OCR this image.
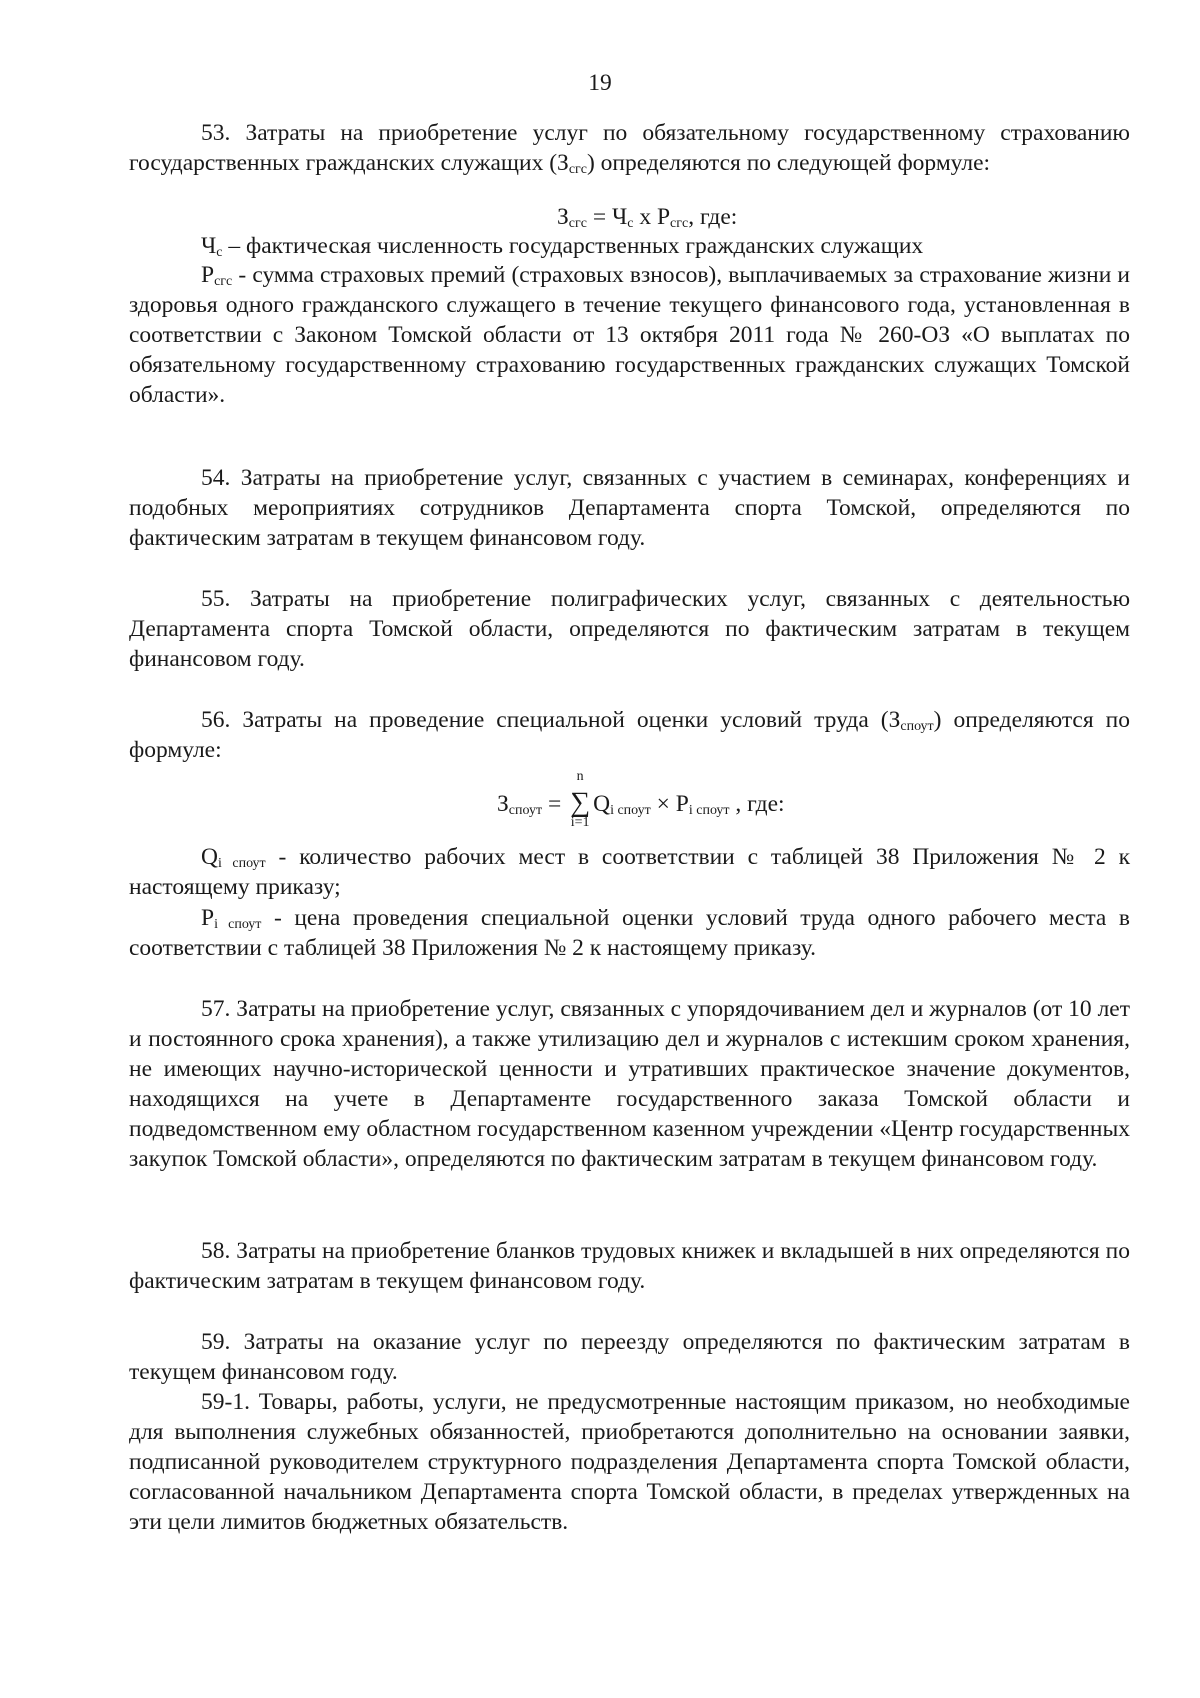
19
53. Затраты на приобретение услуг по обязательному государственному страхованию государственных гражданских служащих $(З_{сгс})$ определяются по следующей формуле:
$З_{сгс} = Ч_с$ х $Р_{сгс}$, где:
$Ч_с$ – фактическая численность государственных гражданских служащих
$Р_{сгс}$ - сумма страховых премий (страховых взносов), выплачиваемых за страхование жизни и здоровья одного гражданского служащего в течение текущего финансового года, установленная в соответствии с Законом Томской области от 13 октября 2011 года № 260-ОЗ «О выплатах по обязательному государственному страхованию государственных гражданских служащих Томской области».
54. Затраты на приобретение услуг, связанных с участием в семинарах, конференциях и подобных мероприятиях сотрудников Департамента спорта Томской, определяются по фактическим затратам в текущем финансовом году.
55. Затраты на приобретение полиграфических услуг, связанных с деятельностью Департамента спорта Томской области, определяются по фактическим затратам в текущем финансовом году.
56. Затраты на проведение специальной оценки условий труда $(З_{споут})$ определяются по формуле:
$З_{споут}$ =
n
∑
i=1
$Q_{i споут} \times P_{i споут}$ , где:
$Q_{i споут}$ - количество рабочих мест в соответствии с таблицей 38 Приложения № 2 к настоящему приказу;
$P_{i споут}$ - цена проведения специальной оценки условий труда одного рабочего места в соответствии с таблицей 38 Приложения № 2 к настоящему приказу.
57. Затраты на приобретение услуг, связанных с упорядочиванием дел и журналов (от 10 лет и постоянного срока хранения), а также утилизацию дел и журналов с истекшим сроком хранения, не имеющих научно-исторической ценности и утративших практическое значение документов, находящихся на учете в Департаменте государственного заказа Томской области и подведомственном ему областном государственном казенном учреждении «Центр государственных закупок Томской области», определяются по фактическим затратам в текущем финансовом году.
58. Затраты на приобретение бланков трудовых книжек и вкладышей в них определяются по фактическим затратам в текущем финансовом году.
59. Затраты на оказание услуг по переезду определяются по фактическим затратам в текущем финансовом году.
59-1. Товары, работы, услуги, не предусмотренные настоящим приказом, но необходимые для выполнения служебных обязанностей, приобретаются дополнительно на основании заявки, подписанной руководителем структурного подразделения Департамента спорта Томской области, согласованной начальником Департамента спорта Томской области, в пределах утвержденных на эти цели лимитов бюджетных обязательств.
